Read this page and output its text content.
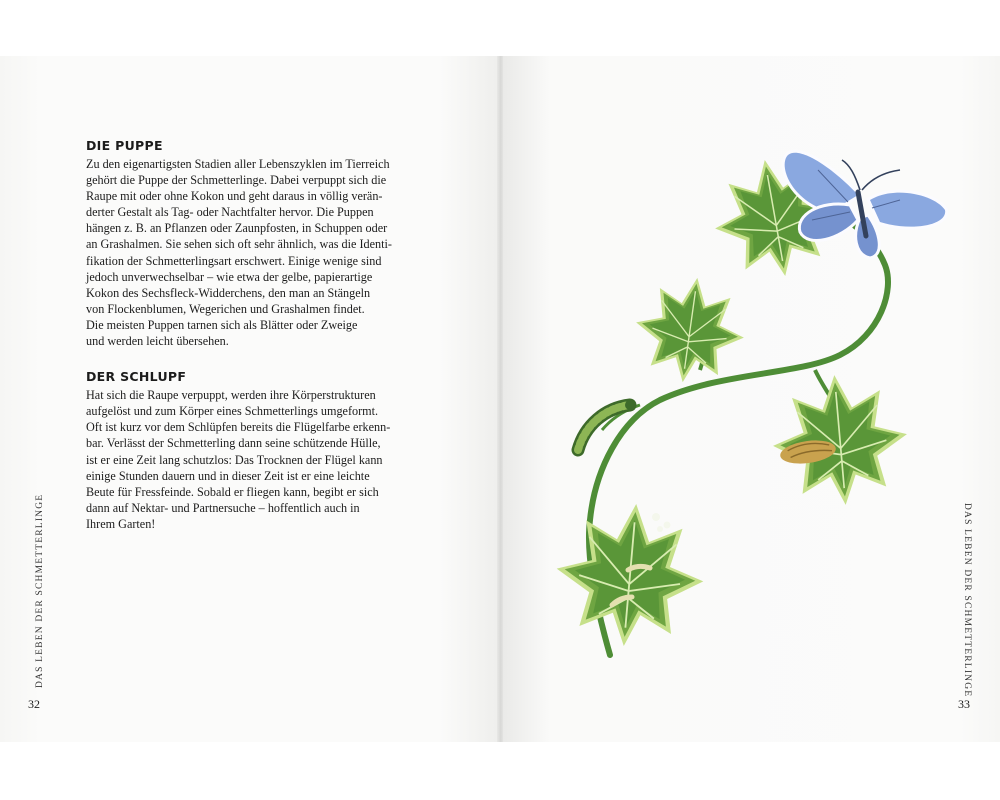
DIE PUPPE
Zu den eigenartigsten Stadien aller Lebenszyklen im Tierreich
gehört die Puppe der Schmetterlinge. Dabei verpuppt sich die
Raupe mit oder ohne Kokon und geht daraus in völlig verän-
derter Gestalt als Tag- oder Nachtfalter hervor. Die Puppen
hängen z. B. an Pflanzen oder Zaunpfosten, in Schuppen oder
an Grashalmen. Sie sehen sich oft sehr ähnlich, was die Identi-
fikation der Schmetterlingsart erschwert. Einige wenige sind
jedoch unverwechselbar – wie etwa der gelbe, papierartige
Kokon des Sechsfleck-Widderchens, den man an Stängeln
von Flockenblumen, Wegerichen und Grashalmen findet.
Die meisten Puppen tarnen sich als Blätter oder Zweige
und werden leicht übersehen.
DER SCHLUPF
Hat sich die Raupe verpuppt, werden ihre Körperstrukturen
aufgelöst und zum Körper eines Schmetterlings umgeformt.
Oft ist kurz vor dem Schlüpfen bereits die Flügelfarbe erkenn-
bar. Verlässt der Schmetterling dann seine schützende Hülle,
ist er eine Zeit lang schutzlos: Das Trocknen der Flügel kann
einige Stunden dauern und in dieser Zeit ist er eine leichte
Beute für Fressfeinde. Sobald er fliegen kann, begibt er sich
dann auf Nektar- und Partnersuche – hoffentlich auch in
Ihrem Garten!
DAS LEBEN DER SCHMETTERLINGE
32
DAS LEBEN DER SCHMETTERLINGE
33
